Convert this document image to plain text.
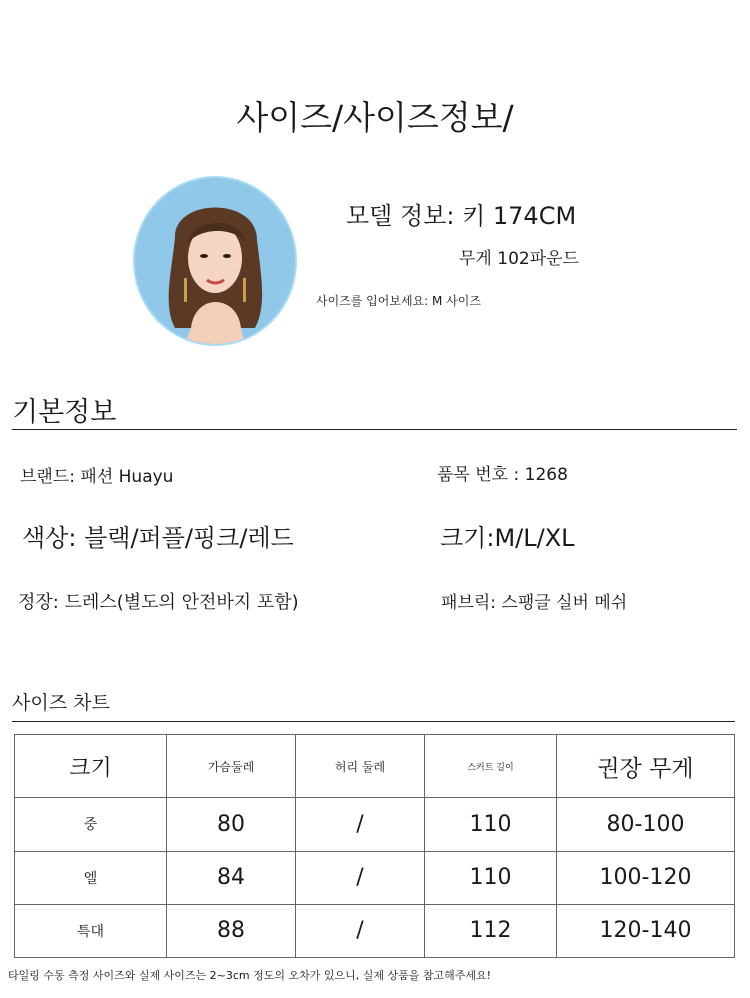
사이즈/사이즈정보/
모델 정보: 키 174CM
무게 102파운드
사이즈를 입어보세요: M 사이즈
기본정보
브랜드: 패션 Huayu	품목 번호 : 1268
색상: 블랙/퍼플/핑크/레드	크기:M/L/XL
정장: 드레스(별도의 안전바지 포함)	패브릭: 스팽글 실버 메쉬
사이즈 차트
크기	가슴둘레	허리 둘레	스커트 길이	권장 무게
중	80	/	110	80-100
엘	84	/	110	100-120
특대	88	/	112	120-140
타일링 수동 측정 사이즈와 실제 사이즈는 2~3cm 정도의 오차가 있으니, 실제 상품을 참고해주세요!
